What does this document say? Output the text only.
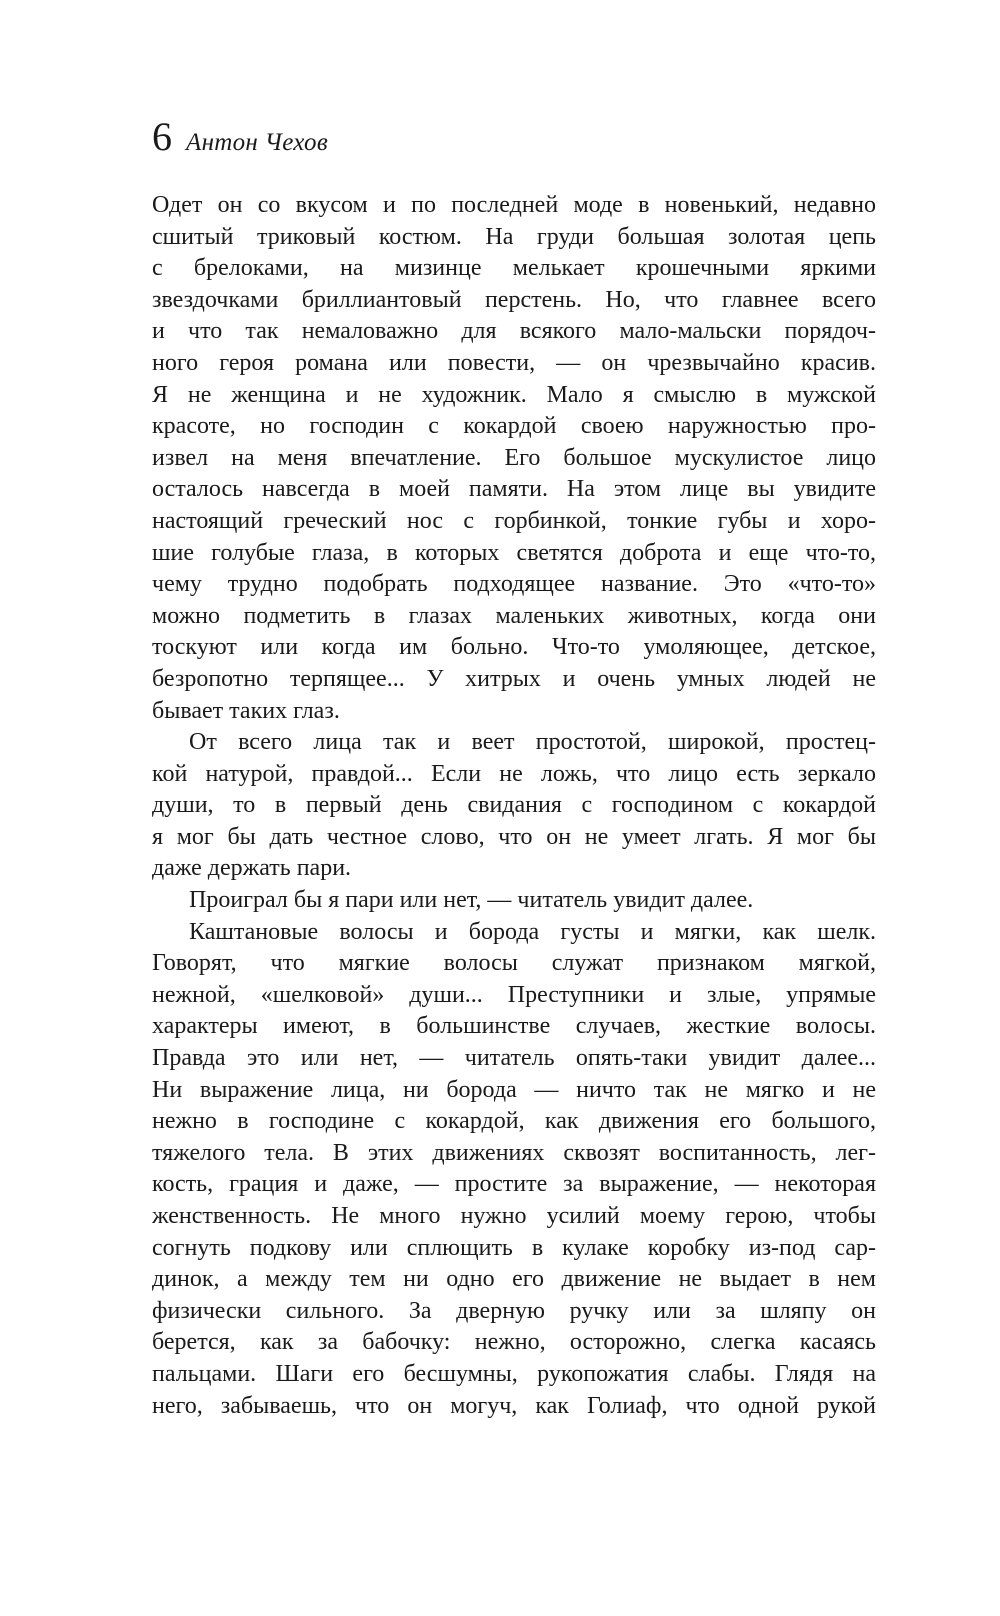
6 Антон Чехов
Одет он со вкусом и по последней моде в новенький, недавно
сшитый триковый костюм. На груди большая золотая цепь
с брелоками, на мизинце мелькает крошечными яркими
звездочками бриллиантовый перстень. Но, что главнее всего
и что так немаловажно для всякого мало-мальски порядоч-
ного героя романа или повести, — он чрезвычайно красив.
Я не женщина и не художник. Мало я смыслю в мужской
красоте, но господин с кокардой своею наружностью про-
извел на меня впечатление. Его большое мускулистое лицо
осталось навсегда в моей памяти. На этом лице вы увидите
настоящий греческий нос с горбинкой, тонкие губы и хоро-
шие голубые глаза, в которых светятся доброта и еще что-то,
чему трудно подобрать подходящее название. Это «что-то»
можно подметить в глазах маленьких животных, когда они
тоскуют или когда им больно. Что-то умоляющее, детское,
безропотно терпящее... У хитрых и очень умных людей не
бывает таких глаз.
От всего лица так и веет простотой, широкой, простец-
кой натурой, правдой... Если не ложь, что лицо есть зеркало
души, то в первый день свидания с господином с кокардой
я мог бы дать честное слово, что он не умеет лгать. Я мог бы
даже держать пари.
Проиграл бы я пари или нет, — читатель увидит далее.
Каштановые волосы и борода густы и мягки, как шелк.
Говорят, что мягкие волосы служат признаком мягкой,
нежной, «шелковой» души... Преступники и злые, упрямые
характеры имеют, в большинстве случаев, жесткие волосы.
Правда это или нет, — читатель опять-таки увидит далее...
Ни выражение лица, ни борода — ничто так не мягко и не
нежно в господине с кокардой, как движения его большого,
тяжелого тела. В этих движениях сквозят воспитанность, лег-
кость, грация и даже, — простите за выражение, — некоторая
женственность. Не много нужно усилий моему герою, чтобы
согнуть подкову или сплющить в кулаке коробку из-под сар-
динок, а между тем ни одно его движение не выдает в нем
физически сильного. За дверную ручку или за шляпу он
берется, как за бабочку: нежно, осторожно, слегка касаясь
пальцами. Шаги его бесшумны, рукопожатия слабы. Глядя на
него, забываешь, что он могуч, как Голиаф, что одной рукой
